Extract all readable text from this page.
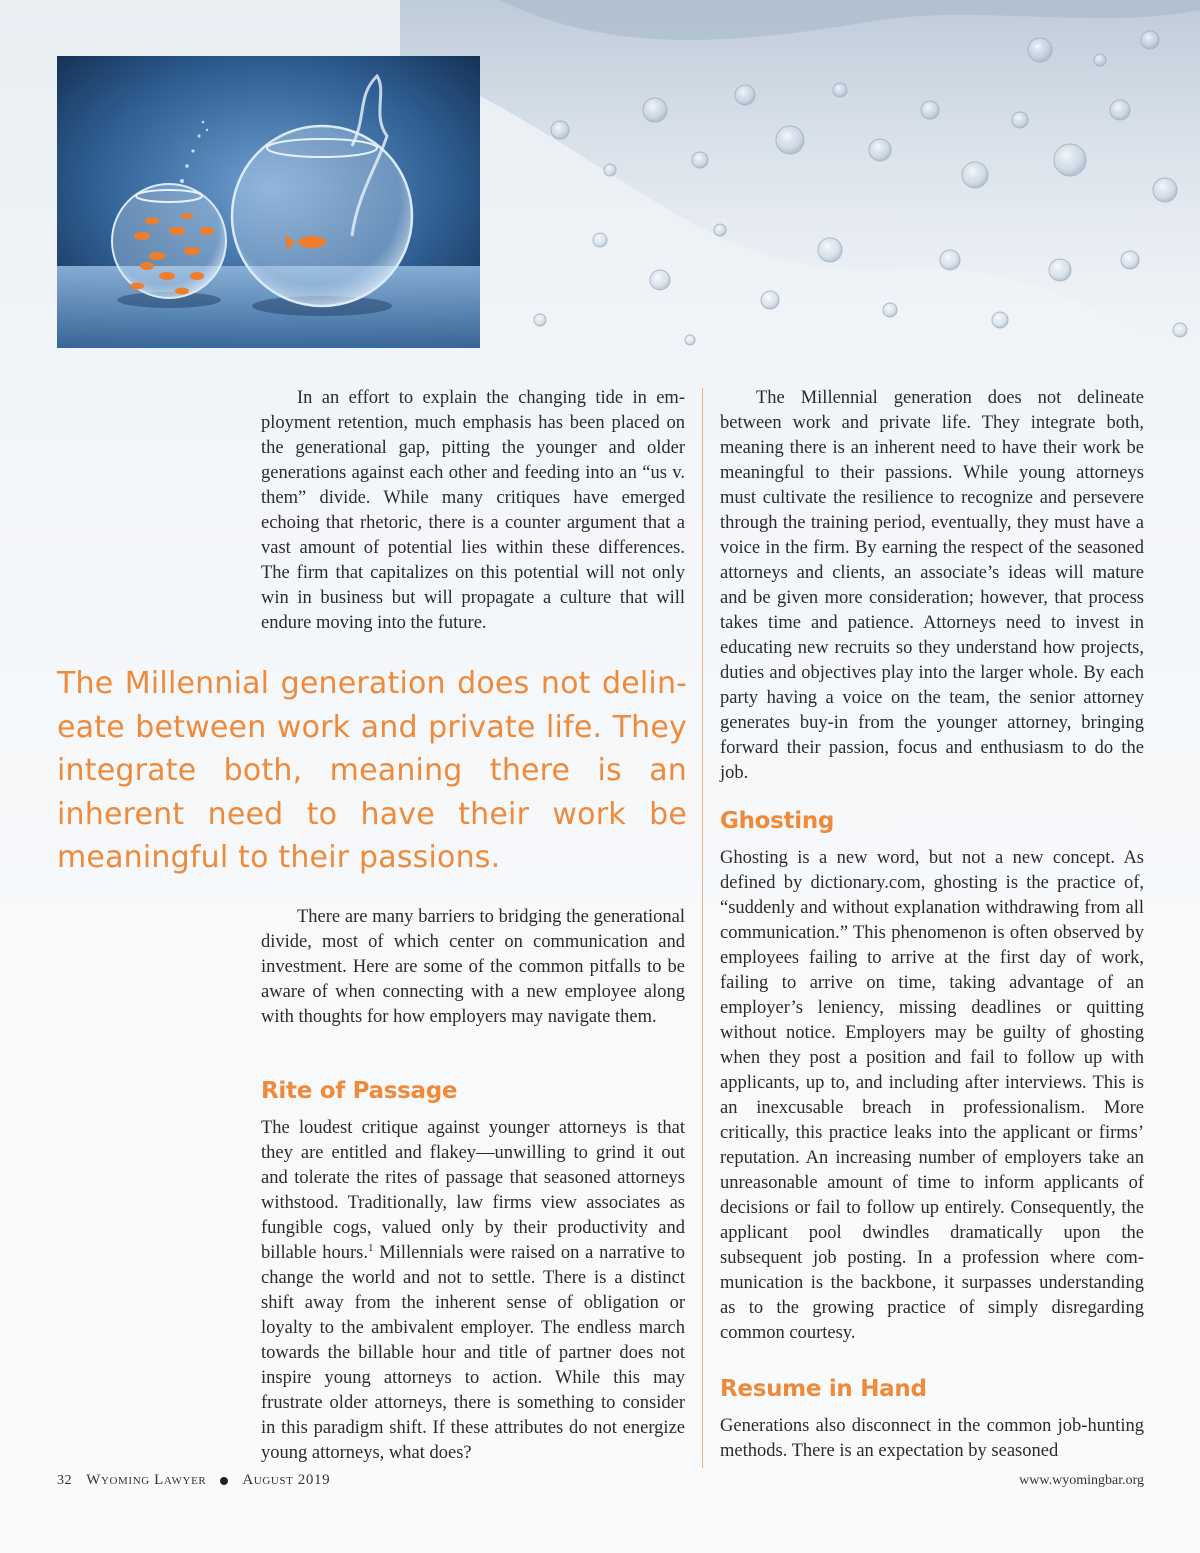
In an effort to explain the changing tide in employment retention, much emphasis has been placed on the generational gap, pitting the younger and older generations against each other and feeding into an “us v. them” divide. While many critiques have emerged echoing that rhetoric, there is a counter argument that a vast amount of potential lies within these differences. The firm that capitalizes on this potential will not only win in business but will propagate a culture that will endure moving into the future.

The Millennial generation does not delineate between work and private life. They integrate both, meaning there is an inherent need to have their work be meaningful to their passions.

There are many barriers to bridging the generational divide, most of which center on communication and investment. Here are some of the common pitfalls to be aware of when connecting with a new employee along with thoughts for how employers may navigate them.

Rite of Passage

The loudest critique against younger attorneys is that they are entitled and flakey—unwilling to grind it out and tolerate the rites of passage that seasoned attorneys withstood. Traditionally, law firms view associates as fungible cogs, valued only by their productivity and billable hours.$^1$ Millennials were raised on a narrative to change the world and not to settle. There is a distinct shift away from the inherent sense of obligation or loyalty to the ambivalent employer. The endless march towards the billable hour and title of partner does not inspire young attorneys to action. While this may frustrate older attorneys, there is something to consider in this paradigm shift. If these attributes do not energize young attorneys, what does?

The Millennial generation does not delineate between work and private life. They integrate both, meaning there is an inherent need to have their work be meaningful to their passions. While young attorneys must cultivate the resilience to recognize and persevere through the training period, eventually, they must have a voice in the firm. By earning the respect of the seasoned attorneys and clients, an associate’s ideas will mature and be given more consideration; however, that process takes time and patience. Attorneys need to invest in educating new recruits so they understand how projects, duties and objectives play into the larger whole. By each party having a voice on the team, the senior attorney generates buy-in from the younger attorney, bringing forward their passion, focus and enthusiasm to do the job.

Ghosting

Ghosting is a new word, but not a new concept. As defined by dictionary.com, ghosting is the practice of, “suddenly and without explanation withdrawing from all communication.” This phenomenon is often observed by employees failing to arrive at the first day of work, failing to arrive on time, taking advantage of an employer’s leniency, missing deadlines or quitting without notice. Employers may be guilty of ghosting when they post a position and fail to follow up with applicants, up to, and including after interviews. This is an inexcusable breach in professionalism. More critically, this practice leaks into the applicant or firms’ reputation. An increasing number of employers take an unreasonable amount of time to inform applicants of decisions or fail to follow up entirely. Consequently, the applicant pool dwindles dramatically upon the subsequent job posting. In a profession where communication is the backbone, it surpasses understanding as to the growing practice of simply disregarding common courtesy.

Resume in Hand

Generations also disconnect in the common job-hunting methods. There is an expectation by seasoned

32 Wyoming Lawyer August 2019	www.wyomingbar.org
